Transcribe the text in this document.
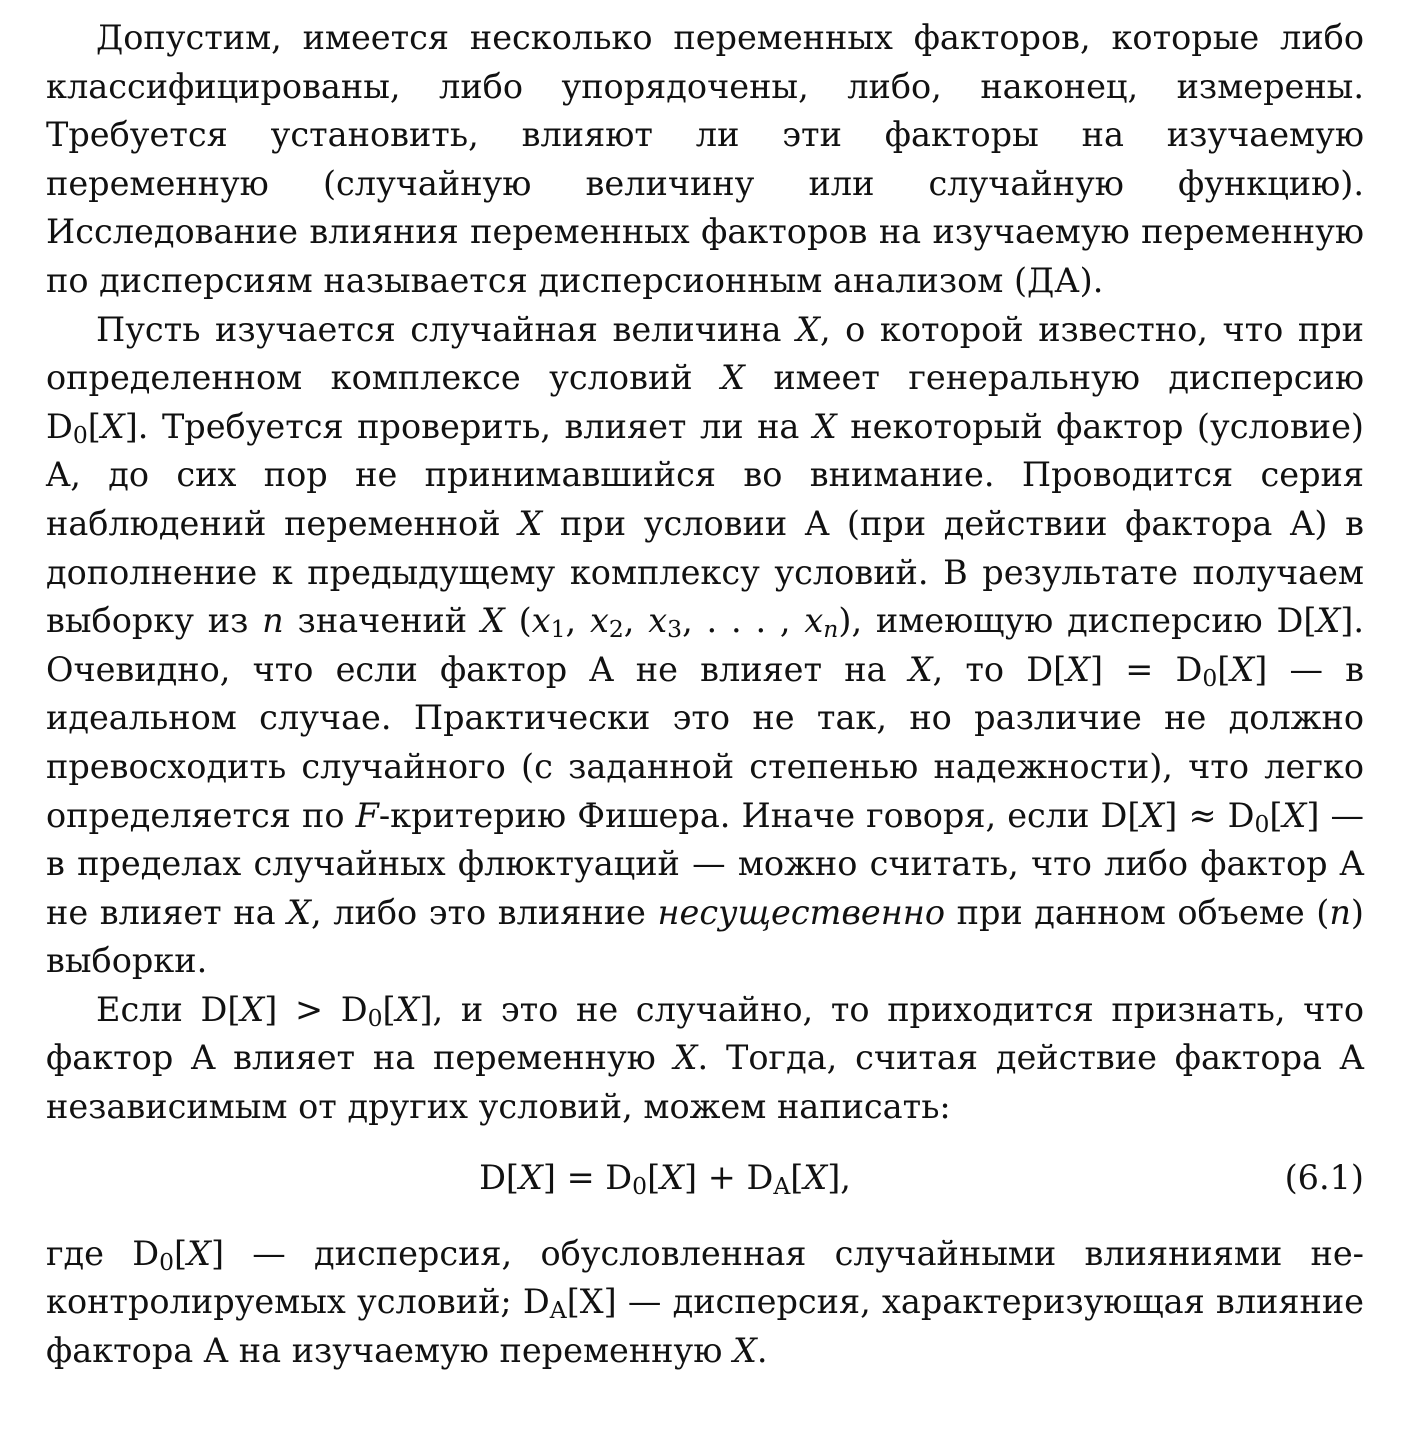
Допустим, имеется несколько переменных факторов, которые либо классифицированы, либо упорядочены, либо, наконец, измерены. Требуется установить, влияют ли эти факторы на изучаемую переменную (случайную величину или случайную функцию). Исследование влияния переменных факторов на изучаемую переменную по дисперсиям называется дисперсионным анализом (ДА).

Пусть изучается случайная величина X, о которой известно, что при определенном комплексе условий X имеет генеральную дисперсию $D_0[X]$. Требуется проверить, влияет ли на X некоторый фактор (условие) A, до сих пор не принимавшийся во внимание. Проводится серия наблюдений переменной X при условии A (при действии фактора A) в дополнение к предыдущему комплексу условий. В результате получаем выборку из n значений X ($x_1$, $x_2$, $x_3$, . . . , $x_n$), имеющую дисперсию D[X]. Очевидно, что если фактор A не влияет на X, то $D[X] = D_0[X]$ — в идеальном случае. Практически это не так, но различие не должно превосходить случайного (с заданной степенью надежности), что легко определяется по F-критерию Фишера. Иначе говоря, если $D[X] \approx D_0[X]$ — в пределах случайных флюктуаций — можно считать, что либо фактор A не влияет на X, либо это влияние несущественно при данном объеме (n) выборки.

Если $D[X] > D_0[X]$, и это не случайно, то приходится признать, что фактор A влияет на переменную X. Тогда, считая действие фактора A независимым от других условий, можем написать:

$D[X] = D_0[X] + D_A[X]$,	(6.1)

где $D_0[X]$ — дисперсия, обусловленная случайными влияниями неконтролируемых условий; $D_A[X]$ — дисперсия, характеризующая влияние фактора A на изучаемую переменную X.
